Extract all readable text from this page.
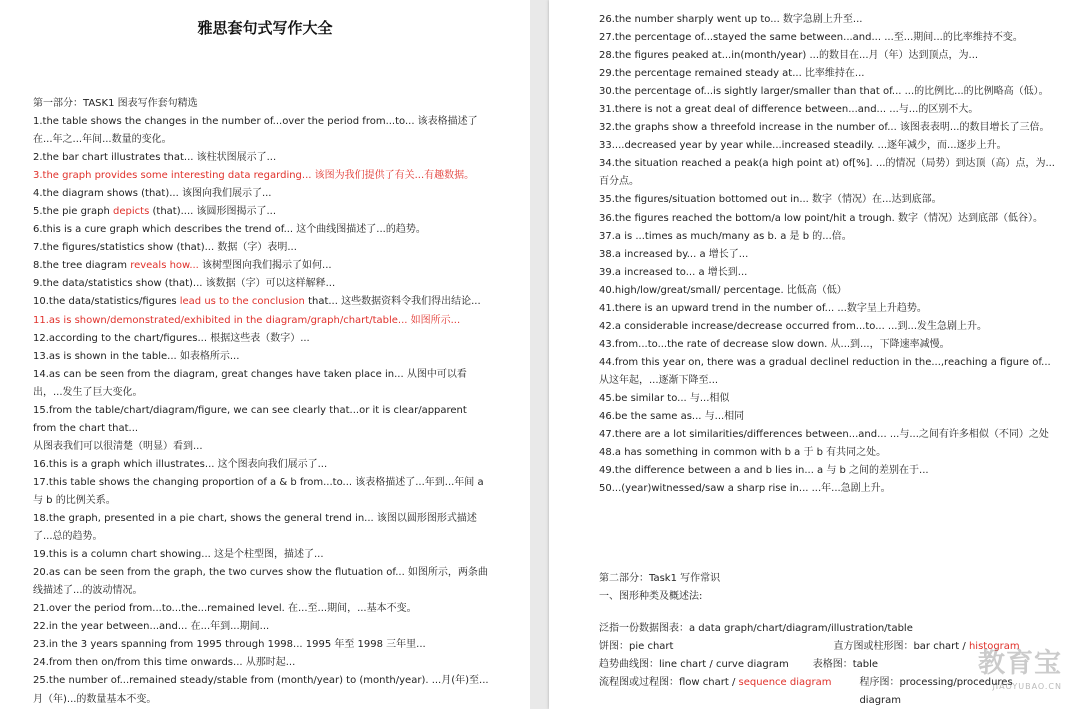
雅思套句式写作大全
第一部分：TASK1 图表写作套句精选
1.the table shows the changes in the number of...over the period from...to... 该表格描述了在...年之...年间...数量的变化。
2.the bar chart illustrates that... 该柱状图展示了...
3.the graph provides some interesting data regarding... 该图为我们提供了有关...有趣数据。
4.the diagram shows (that)... 该图向我们展示了...
5.the pie graph depicts (that).... 该圆形图揭示了...
6.this is a cure graph which describes the trend of... 这个曲线图描述了...的趋势。
7.the figures/statistics show (that)... 数据（字）表明...
8.the tree diagram reveals how... 该树型图向我们揭示了如何...
9.the data/statistics show (that)... 该数据（字）可以这样解释...
10.the data/statistics/figures lead us to the conclusion that... 这些数据资料令我们得出结论...
11.as is shown/demonstrated/exhibited in the diagram/graph/chart/table... 如图所示...
12.according to the chart/figures... 根据这些表（数字）...
13.as is shown in the table... 如表格所示...
14.as can be seen from the diagram, great changes have taken place in... 从图中可以看出，...发生了巨大变化。
15.from the table/chart/diagram/figure, we can see clearly that...or it is clear/apparent from the chart that...
从图表我们可以很清楚（明显）看到...
16.this is a graph which illustrates... 这个图表向我们展示了...
17.this table shows the changing proportion of a & b from...to... 该表格描述了...年到...年间 a 与 b 的比例关系。
18.the graph, presented in a pie chart, shows the general trend in... 该图以圆形图形式描述了...总的趋势。
19.this is a column chart showing... 这是个柱型图，描述了...
20.as can be seen from the graph, the two curves show the flutuation of... 如图所示，两条曲线描述了...的波动情况。
21.over the period from...to...the...remained level. 在...至...期间，...基本不变。
22.in the year between...and... 在...年到...期间...
23.in the 3 years spanning from 1995 through 1998... 1995 年至 1998 三年里...
24.from then on/from this time onwards... 从那时起...
25.the number of...remained steady/stable from (month/year) to (month/year). ...月(年)至...月（年)...的数量基本不变。
26.the number sharply went up to... 数字急剧上升至...
27.the percentage of...stayed the same between...and... ...至...期间...的比率维持不变。
28.the figures peaked at...in(month/year) ...的数目在...月（年）达到顶点，为...
29.the percentage remained steady at... 比率维持在...
30.the percentage of...is sightly larger/smaller than that of... ...的比例比...的比例略高（低）。
31.there is not a great deal of difference between...and... ...与...的区别不大。
32.the graphs show a threefold increase in the number of... 该图表表明...的数目增长了三倍。
33....decreased year by year while...increased steadily. ...逐年减少，而...逐步上升。
34.the situation reached a peak(a high point at) of[%]. ...的情况（局势）到达顶（高）点，为...百分点。
35.the figures/situation bottomed out in... 数字（情况）在...达到底部。
36.the figures reached the bottom/a low point/hit a trough. 数字（情况）达到底部（低谷）。
37.a is ...times as much/many as b. a 是 b 的...倍。
38.a increased by... a 增长了...
39.a increased to... a 增长到...
40.high/low/great/small/ percentage. 比低高（低）
41.there is an upward trend in the number of... ...数字呈上升趋势。
42.a considerable increase/decrease occurred from...to... ...到...发生急剧上升。
43.from...to...the rate of decrease slow down. 从...到...，下降速率减慢。
44.from this year on, there was a gradual declinel reduction in the...,reaching a figure of... 从这年起，...逐渐下降至...
45.be similar to... 与...相似
46.be the same as... 与...相同
47.there are a lot similarities/differences between...and... ...与...之间有许多相似（不同）之处
48.a has something in common with b a 于 b 有共同之处。
49.the difference between a and b lies in... a 与 b 之间的差别在于...
50...(year)witnessed/saw a sharp rise in... ...年...急剧上升。
第二部分：Task1 写作常识
一、图形种类及概述法:
泛指一份数据图表：a data graph/chart/diagram/illustration/table
饼图：pie chart	直方图或柱形图：bar chart / histogram
趋势曲线图：line chart / curve diagram 表格图：table
流程图或过程图：flow chart / sequence diagram	程序图：processing/procedures diagram
教育宝
JIAOYUBAO.CN
